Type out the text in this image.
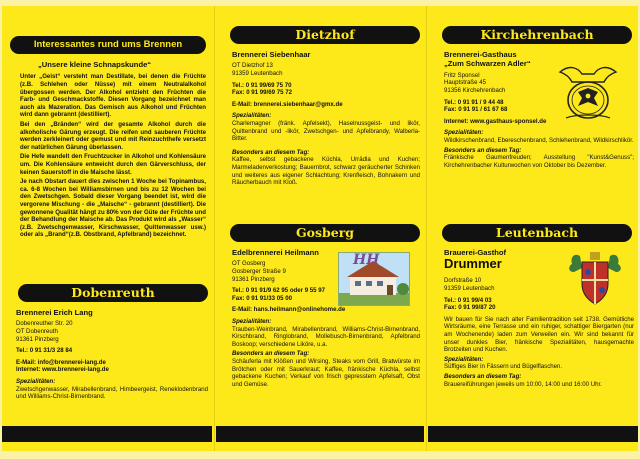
Interessantes rund ums Brennen
„Unsere kleine Schnapskunde“

Unter „Geist“ versteht man Destillate, bei denen die Früchte (z.B. Schlehen oder Nüsse) mit einem Neutralalkohol übergossen werden. Der Alkohol entzieht den Früchten die Farb- und Geschmackstoffe. Diesen Vorgang bezeichnet man auch als Mazeration. Das Gemisch aus Alkohol und Früchten wird dann gebrannt (destilliert).

Bei den „Bränden“ wird der gesamte Alkohol durch die alkoholische Gärung erzeugt. Die reifen und sauberen Früchte werden zerkleinert oder gemust und mit Reinzuchthefe versetzt der natürlichen Gärung überlassen.

Die Hefe wandelt den Fruchtzucker in Alkohol und Kohlensäure um. Die Kohlensäure entweicht durch den Gärverschluss, der keinen Sauerstoff in die Maische lässt.

Je nach Obstart dauert dies zwischen 1 Woche bei Topinambus, ca. 6-8 Wochen bei Williamsbirnen und bis zu 12 Wochen bei den Zwetschgen. Sobald dieser Vorgang beendet ist, wird die vergorene Mischung - die „Maische“ - gebrannt (destilliert). Die gewonnene Qualität hängt zu 80% von der Güte der Früchte und der Behandlung der Maische ab. Das Produkt wird als „Wasser“ (z.B. Zwetschgenwasser, Kirschwasser, Quittenwasser usw.) oder als „Brand“(z.B. Obstbrand, Apfelbrand) bezeichnet.

Dobenreuth
Brennerei Erich Lang
Dobenreuther Str. 20
OT Dobenreuth
91361 Pinzberg
Tel.: 0 91 31/3 28 84
E-Mail: info@brennerei-lang.de
Internet: www.brennerei-lang.de
Spezialitäten:

Zwetschgenwasser, Mirabellenbrand, Himbeergeist, Reneklodenbrand und Williams-Christ-Birnenbrand.

Dietzhof
Brennerei Siebenhaar
OT Dietzhof 13
91359 Leutenbach
Tel.: 0 91 99/69 75 70
Fax: 0 91 99/69 75 72
E-Mail: brennerei.siebenhaar@gmx.de
Spezialitäten:

Charlemagner (fränk. Apfelsekt), Haselnussgeist- und likör, Quittenbrand und -likör, Zwetschgen- und Apfelbrandy, Walberla-Bitter.

Besonders an diesem Tag:

Kaffee, selbst gebackene Küchla, Urrädla und Kuchen; Marmeladenverkostung; Bauernbrot, schwarz geräucherter Schinken und weiteres aus eigener Schlachtung; Krenfleisch, Bohnakern und Räucherbauch mit Kloß.

Gosberg
Edelbrennerei Heilmann
OT Gosberg
Gosberger Straße 9
91361 Pinzberg
Tel.: 0 91 91/9 62 95 oder 9 55 97
Fax: 0 91 91/33 05 00
E-Mail: hans.heilmann@onlinehome.de
Spezialitäten:

Trauben-Weinbrand, Mirabellenbrand, Williams-Christ-Birnenbrand, Kirschbrand, Ringlobrand, Mollebusch-Birnenbrand, Apfelbrand Boskoop; verschiedene Liköre, u.a.

Besonders an diesem Tag:

Schäuferla mit Klößen und Wirsing, Steaks vom Grill, Bratwürste im Brötchen oder mit Sauerkraut; Kaffee, fränkische Küchla, selbst gebackene Kuchen; Verkauf von frisch gepresstem Apfelsaft, Obst und Gemüse.

HH
Kirchehrenbach
Brennerei-Gasthaus
„Zum Schwarzen Adler“
Fritz Sponsel
Hauptstraße 45
91356 Kirchehrenbach
Tel.: 0 91 91 / 9 44 48
Fax: 0 91 91 / 61 67 68
Internet: www.gasthaus-sponsel.de
Spezialitäten:

Wildkirschenbrand, Ebereschenbrand, Schlehenbrand, Wildkirschlikör.

Besonders an diesem Tag:

Fränkische Gaumenfreuden; Ausstellung "Kunst&Genuss"; Kirchehrenbacher Kulturwochen von Oktober bis Dezember.

Leutenbach
Brauerei-Gasthof
Drummer
Dorfstraße 10
91359 Leutenbach
Tel.: 0 91 99/4 03
Fax: 0 91 99/87 20

Wir bauen für Sie nach alter Familientradition seit 1738. Gemütliche Wirtsräume, eine Terrasse und ein ruhiger, schattiger Biergarten (nur am Wochenende) laden zum Verweilen ein. Wir sind bekannt für unser dunkles Bier, fränkische Spezialitäten, hausgemachte Brotzeiten und Kuchen.

Spezialitäten:

Süffiges Bier in Fässern und Bügelflaschen.

Besonders an diesem Tag:

Brauereiführungen jeweils um 10:00, 14:00 und 16:00 Uhr.
